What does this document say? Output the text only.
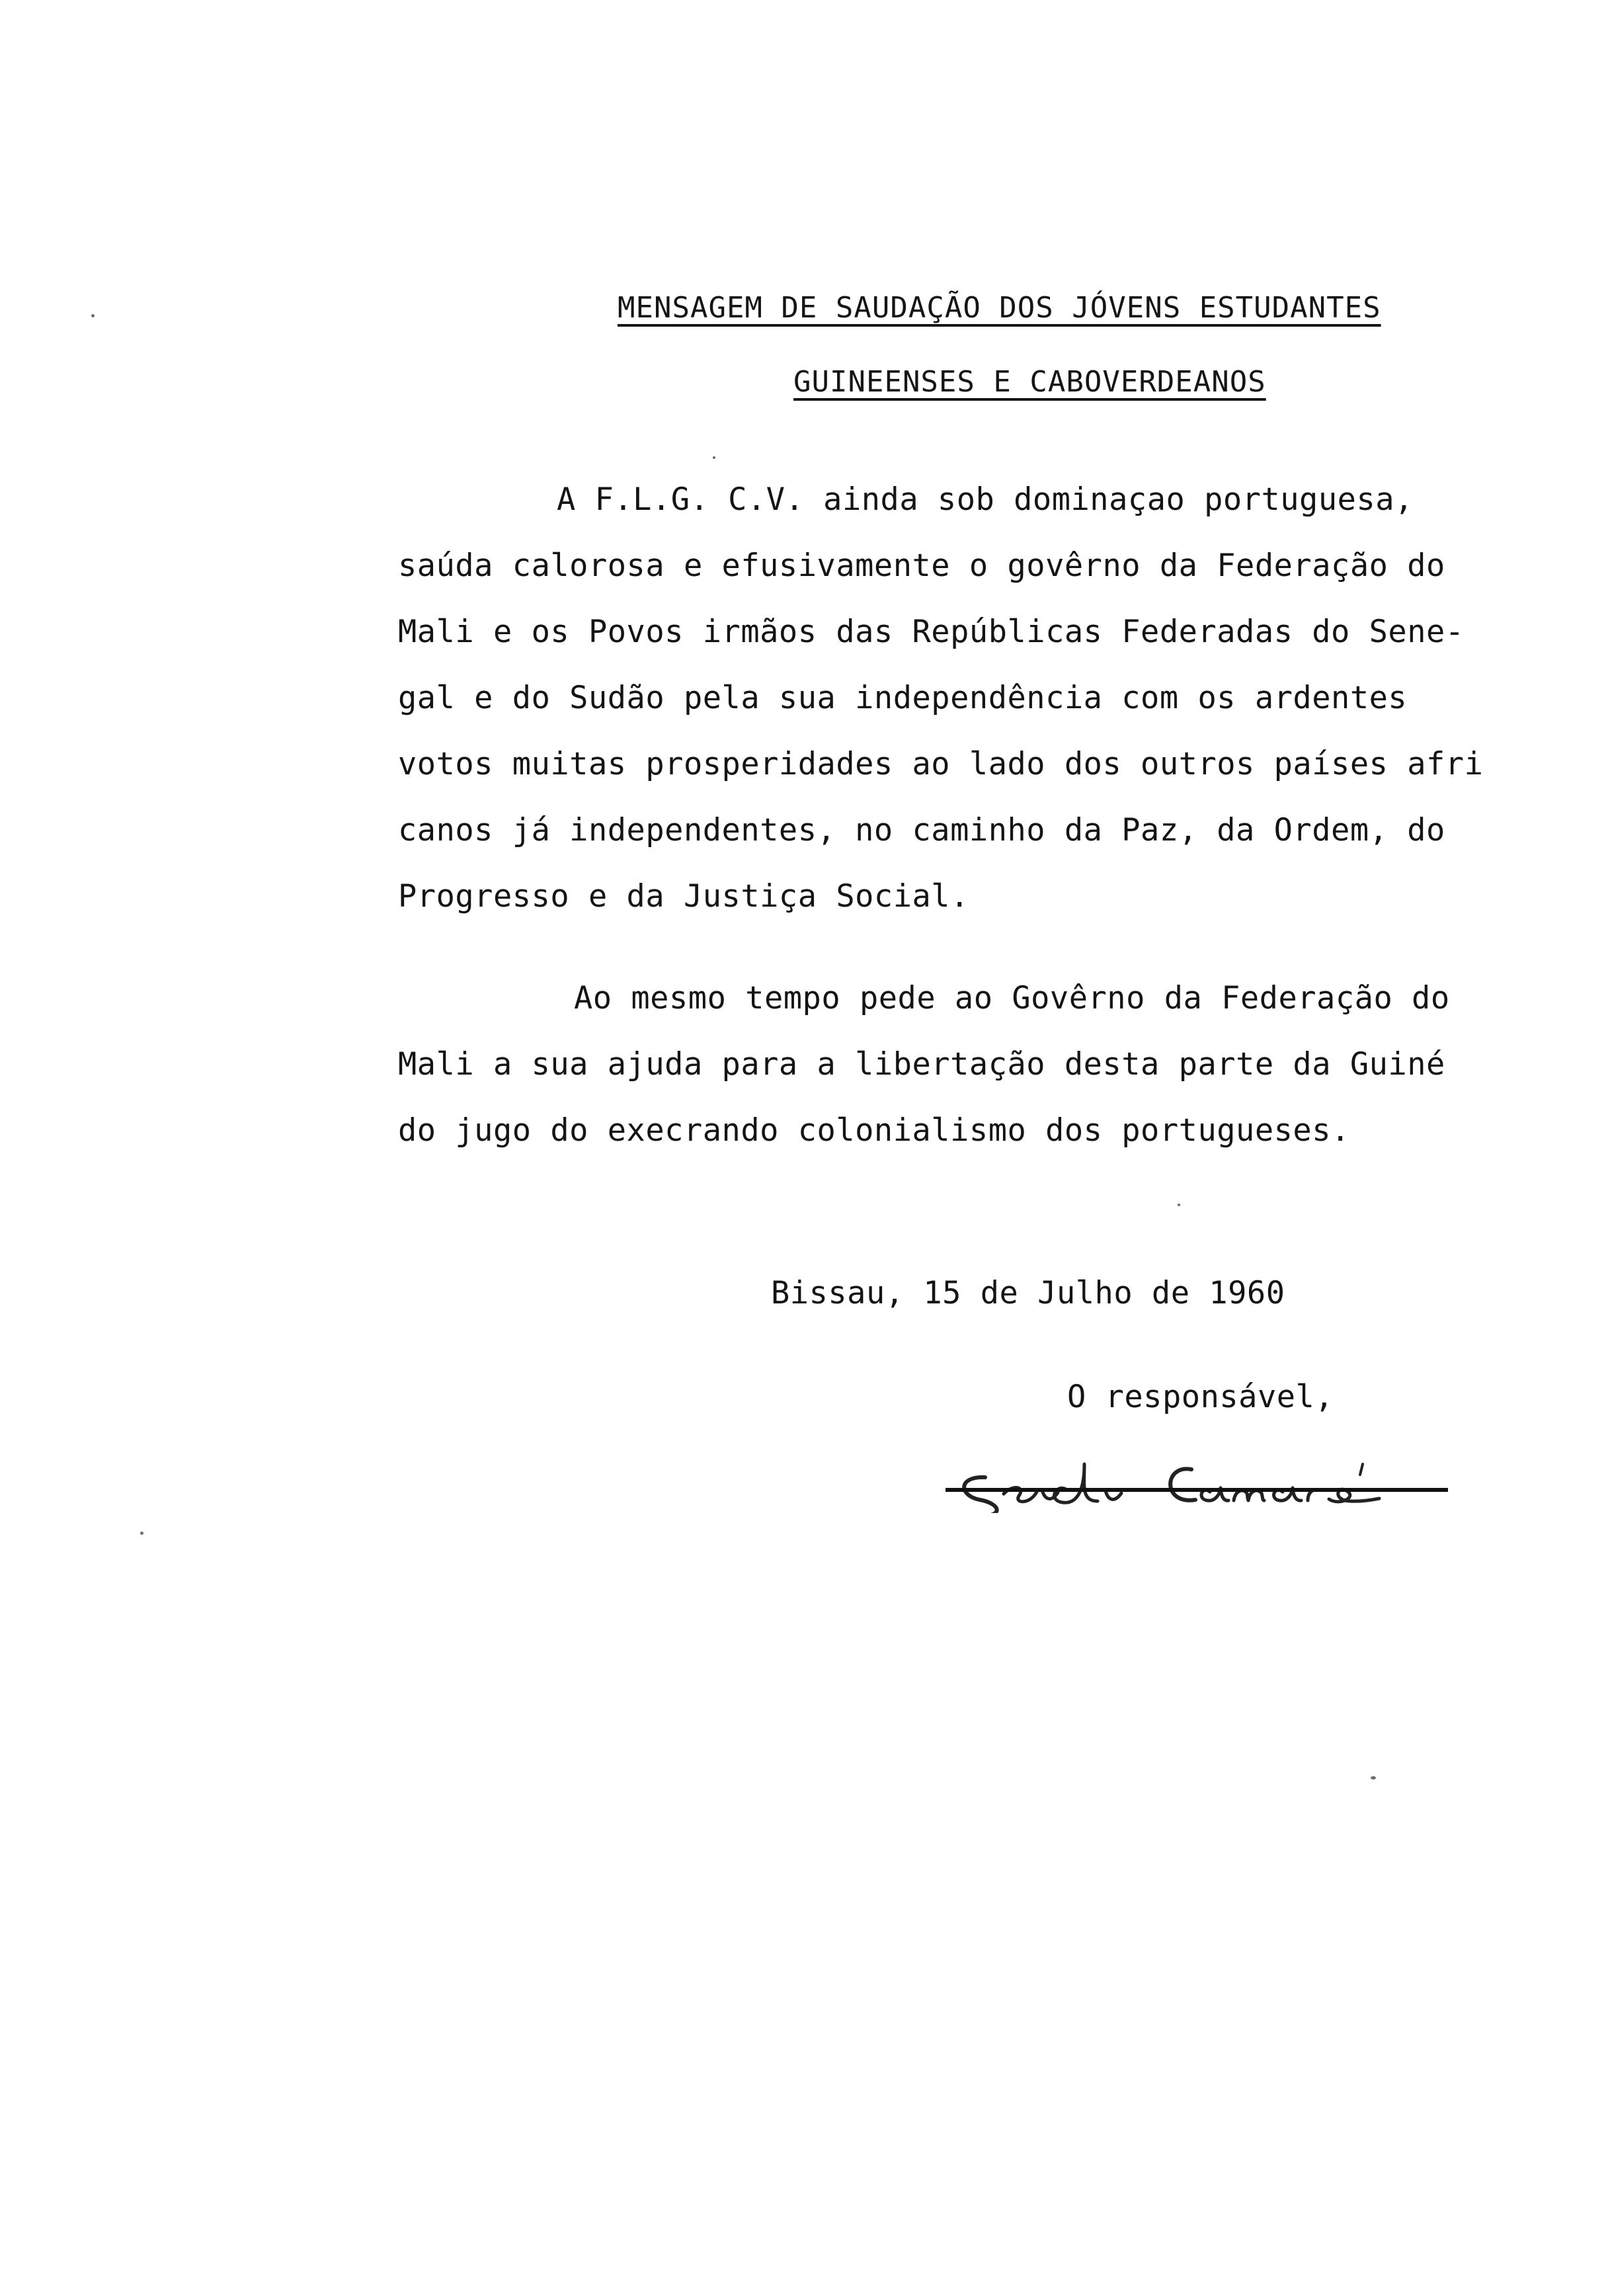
MENSAGEM DE SAUDAÇÃO DOS JÓVENS ESTUDANTES
GUINEENSES E CABOVERDEANOS
A F.L.G. C.V. ainda sob dominaçao portuguesa,
saúda calorosa e efusivamente o govêrno da Federação do
Mali e os Povos irmãos das Repúblicas Federadas do Sene-
gal e do Sudão pela sua independência com os ardentes
votos muitas prosperidades ao lado dos outros países afri
canos já independentes, no caminho da Paz, da Ordem, do
Progresso e da Justiça Social.
Ao mesmo tempo pede ao Govêrno da Federação do
Mali a sua ajuda para a libertação desta parte da Guiné
do jugo do execrando colonialismo dos portugueses.
Bissau, 15 de Julho de 1960
O responsável,
